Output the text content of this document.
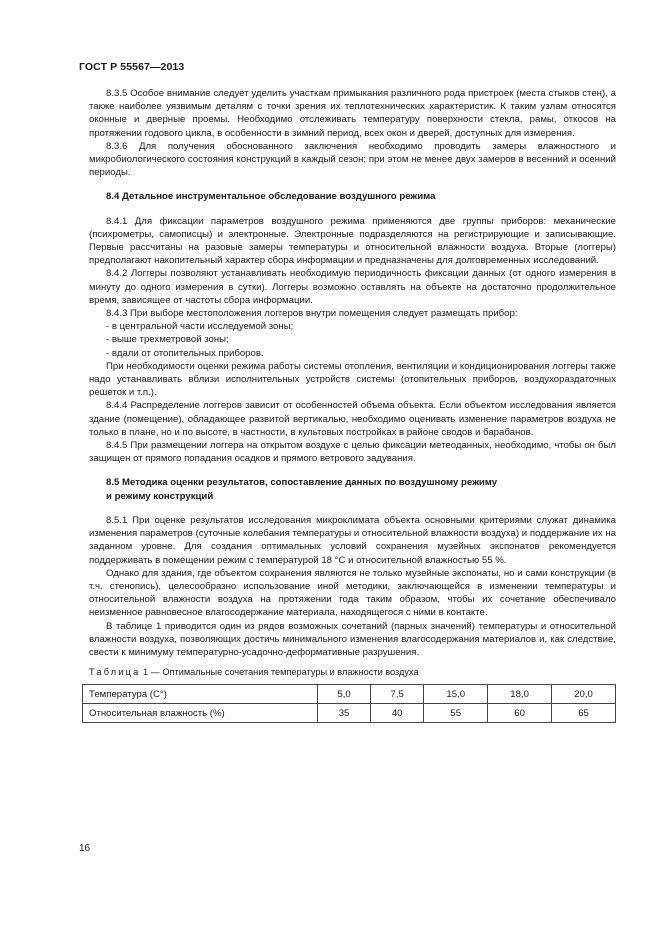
ГОСТ Р 55567—2013

8.3.5 Особое внимание следует уделить участкам примыкания различного рода пристроек (места стыков стен), а также наиболее уязвимым деталям с точки зрения их теплотехнических характеристик. К таким узлам относятся оконные и дверные проемы. Необходимо отслеживать температуру поверхности стекла, рамы, откосов на протяжении годового цикла, в особенности в зимний период, всех окон и дверей, доступных для измерения.

8.3.6 Для получения обоснованного заключения необходимо проводить замеры влажностного и микробиологического состояния конструкций в каждый сезон; при этом не менее двух замеров в весенний и осенний периоды.

8.4 Детальное инструментальное обследование воздушного режима

8.4.1 Для фиксации параметров воздушного режима применяются две группы приборов: механические (психрометры, самописцы) и электронные. Электронные подразделяются на регистрирующие и записывающие. Первые рассчитаны на разовые замеры температуры и относительной влажности воздуха. Вторые (логгеры) предполагают накопительный характер сбора информации и предназначены для долговременных исследований.

8.4.2 Логгеры позволяют устанавливать необходимую периодичность фиксации данных (от одного измерения в минуту до одного измерения в сутки). Логгеры возможно оставлять на объекте на достаточно продолжительное время, зависящее от частоты сбора информации.

8.4.3 При выборе местоположения логгеров внутри помещения следует размещать прибор:

- в центральной части исследуемой зоны;

- выше трехметровой зоны;

- вдали от отопительных приборов.

При необходимости оценки режима работы системы отопления, вентиляции и кондиционирования логгеры также надо устанавливать вблизи исполнительных устройств системы (отопительных приборов, воздухораздаточных решеток и т.п.).

8.4.4 Распределение логгеров зависит от особенностей объема объекта. Если объектом исследования является здание (помещение), обладающее развитой вертикалью, необходимо оценивать изменение параметров воздуха не только в плане, но и по высоте, в частности, в культовых постройках в районе сводов и барабанов.

8.4.5 При размещении логгера на открытом воздухе с целью фиксации метеоданных, необходимо, чтобы он был защищен от прямого попадания осадков и прямого ветрового задувания.

8.5 Методика оценки результатов, сопоставление данных по воздушному режиму

и режиму конструкций

8.5.1 При оценке результатов исследования микроклимата объекта основными критериями служат динамика изменения параметров (суточные колебания температуры и относительной влажности воздуха) и поддержание их на заданном уровне. Для создания оптимальных условий сохранения музейных экспонатов рекомендуется поддерживать в помещении режим с температурой 18 °С и относительной влажностью 55 %.

Однако для здания, где объектом сохранения являются не только музейные экспонаты, но и сами конструкции (в т.ч. стенопись), целесообразно использование иной методики, заключающейся в изменении температуры и относительной влажности воздуха на протяжении года таким образом, чтобы их сочетание обеспечивало неизменное равновесное влагосодержание материала, находящегося с ними в контакте.

В таблице 1 приводится один из рядов возможных сочетаний (парных значений) температуры и относительной влажности воздуха, позволяющих достичь минимального изменения влагосодержания материалов и, как следствие, свести к минимуму температурно-усадочно-деформативные разрушения.

Таблица 1 — Оптимальные сочетания температуры и влажности воздуха

Температура (С°)	5,0	7,5	15,0	18,0	20,0
Относительная влажность (%)	35	40	55	60	65
16
